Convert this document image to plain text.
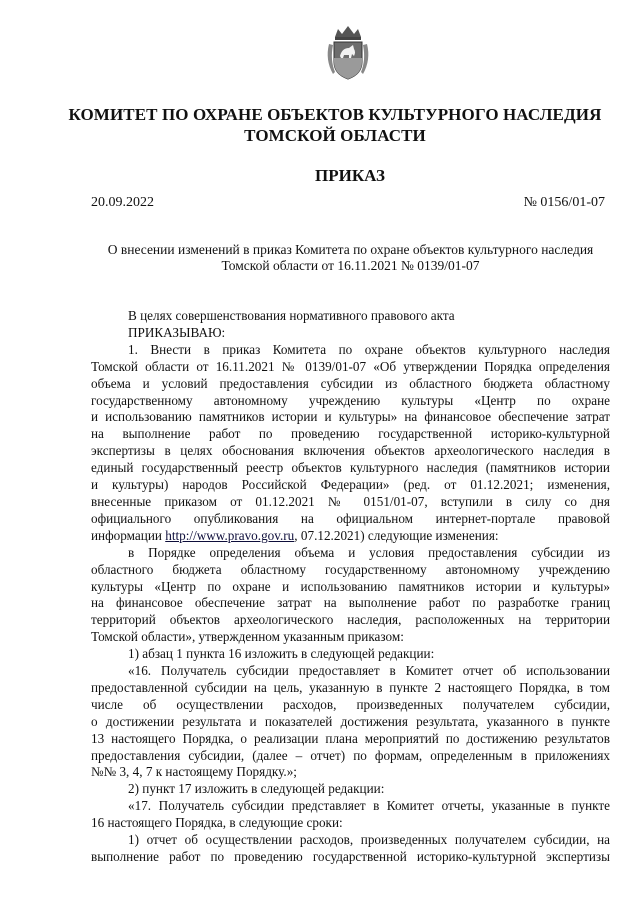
КОМИТЕТ ПО ОХРАНЕ ОБЪЕКТОВ КУЛЬТУРНОГО НАСЛЕДИЯ
ТОМСКОЙ ОБЛАСТИ
ПРИКАЗ
20.09.2022	№ 0156/01-07
О внесении изменений в приказ Комитета по охране объектов культурного наследия
Томской области от 16.11.2021 № 0139/01-07

В целях совершенствования нормативного правового акта

ПРИКАЗЫВАЮ:

1. Внести в приказ Комитета по охране объектов культурного наследия
Томской области от 16.11.2021 № 0139/01-07 «Об утверждении Порядка определения
объема и условий предоставления субсидии из областного бюджета областному
государственному автономному учреждению культуры «Центр по охране
и использованию памятников истории и культуры» на финансовое обеспечение затрат
на выполнение работ по проведению государственной историко-культурной
экспертизы в целях обоснования включения объектов археологического наследия в
единый государственный реестр объектов культурного наследия (памятников истории
и культуры) народов Российской Федерации» (ред. от 01.12.2021; изменения,
внесенные приказом от 01.12.2021 № 0151/01-07, вступили в силу со дня
официального опубликования на официальном интернет-портале правовой
информации http://www.pravo.gov.ru, 07.12.2021) следующие изменения:

в Порядке определения объема и условия предоставления субсидии из
областного бюджета областному государственному автономному учреждению
культуры «Центр по охране и использованию памятников истории и культуры»
на финансовое обеспечение затрат на выполнение работ по разработке границ
территорий объектов археологического наследия, расположенных на территории
Томской области», утвержденном указанным приказом:

1) абзац 1 пункта 16 изложить в следующей редакции:

«16. Получатель субсидии предоставляет в Комитет отчет об использовании
предоставленной субсидии на цель, указанную в пункте 2 настоящего Порядка, в том
числе об осуществлении расходов, произведенных получателем субсидии,
о достижении результата и показателей достижения результата, указанного в пункте
13 настоящего Порядка, о реализации плана мероприятий по достижению результатов
предоставления субсидии, (далее – отчет) по формам, определенным в приложениях
№№ 3, 4, 7 к настоящему Порядку.»;

2) пункт 17 изложить в следующей редакции:

«17. Получатель субсидии представляет в Комитет отчеты, указанные в пункте
16 настоящего Порядка, в следующие сроки:

1) отчет об осуществлении расходов, произведенных получателем субсидии, на
выполнение работ по проведению государственной историко-культурной экспертизы
